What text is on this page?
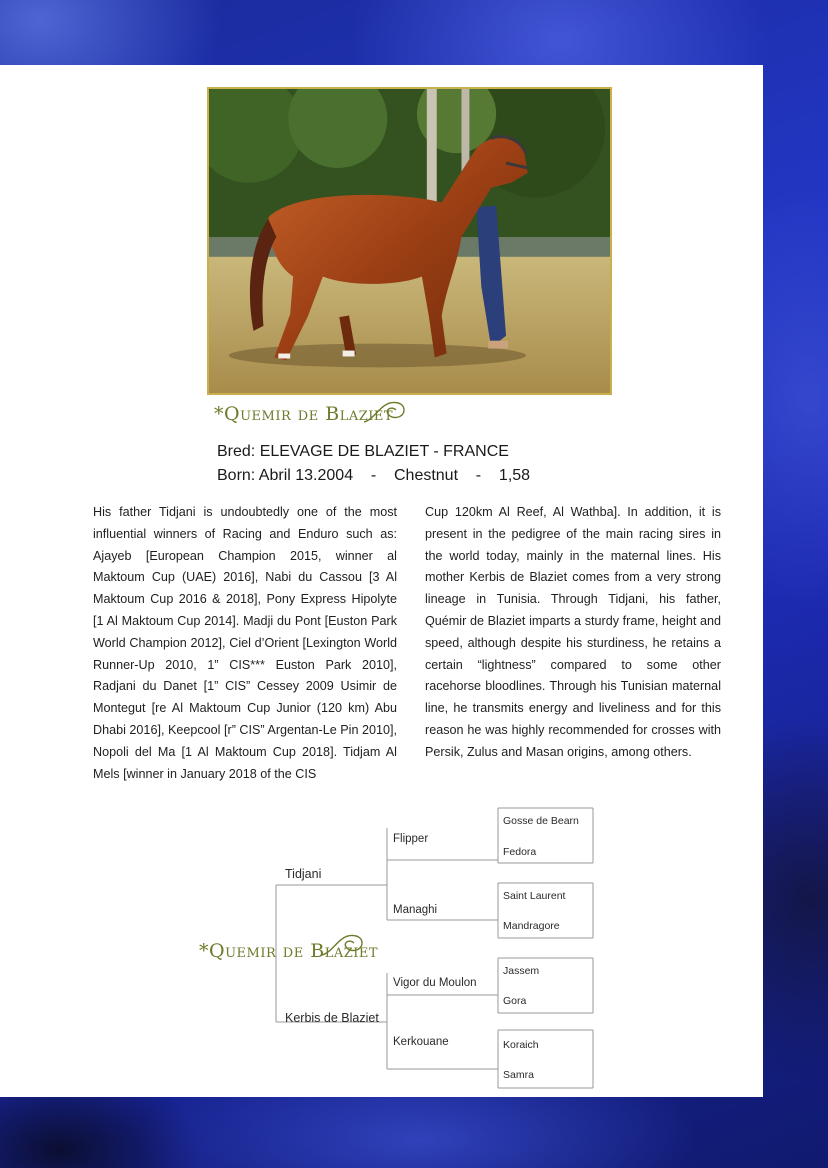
*Quemir de Blaziet
Bred: ELEVAGE DE BLAZIET - FRANCE
Born: Abril 13.2004    -    Chestnut    -    1,58
His father Tidjani is undoubtedly one of the most influential winners of Racing and Enduro such as: Ajayeb [European Champion 2015, winner al Maktoum Cup (UAE) 2016], Nabi du Cassou [3 Al Maktoum Cup 2016 & 2018], Pony Express Hipolyte [1 Al Maktoum Cup 2014]. Madji du Pont [Euston Park World Champion 2012], Ciel d’Orient [Lexington World Runner-Up 2010, 1” CIS*** Euston Park 2010], Radjani du Danet [1” CIS” Cessey 2009 Usimir de Montegut [re Al Maktoum Cup Junior (120 km) Abu Dhabi 2016], Keepcool [r” CIS” Argentan-Le Pin 2010], Nopoli del Ma [1 Al Maktoum Cup 2018]. Tidjam Al Mels [winner in January 2018 of the CIS
Cup 120km Al Reef, Al Wathba]. In addition, it is present in the pedigree of the main racing sires in the world today, mainly in the maternal lines. His mother Kerbis de Blaziet comes from a very strong lineage in Tunisia. Through Tidjani, his father, Quémir de Blaziet imparts a sturdy frame, height and speed, although despite his sturdiness, he retains a certain “lightness” compared to some other racehorse bloodlines. Through his Tunisian maternal line, he transmits energy and liveliness and for this reason he was highly recommended for crosses with Persik, Zulus and Masan origins, among others.
*Quemir de Blaziet
Tidjani
Kerbis de Blaziet
Flipper
Managhi
Vigor du Moulon
Kerkouane
Gosse de Bearn
Fedora
Saint Laurent
Mandragore
Jassem
Gora
Koraich
Samra
